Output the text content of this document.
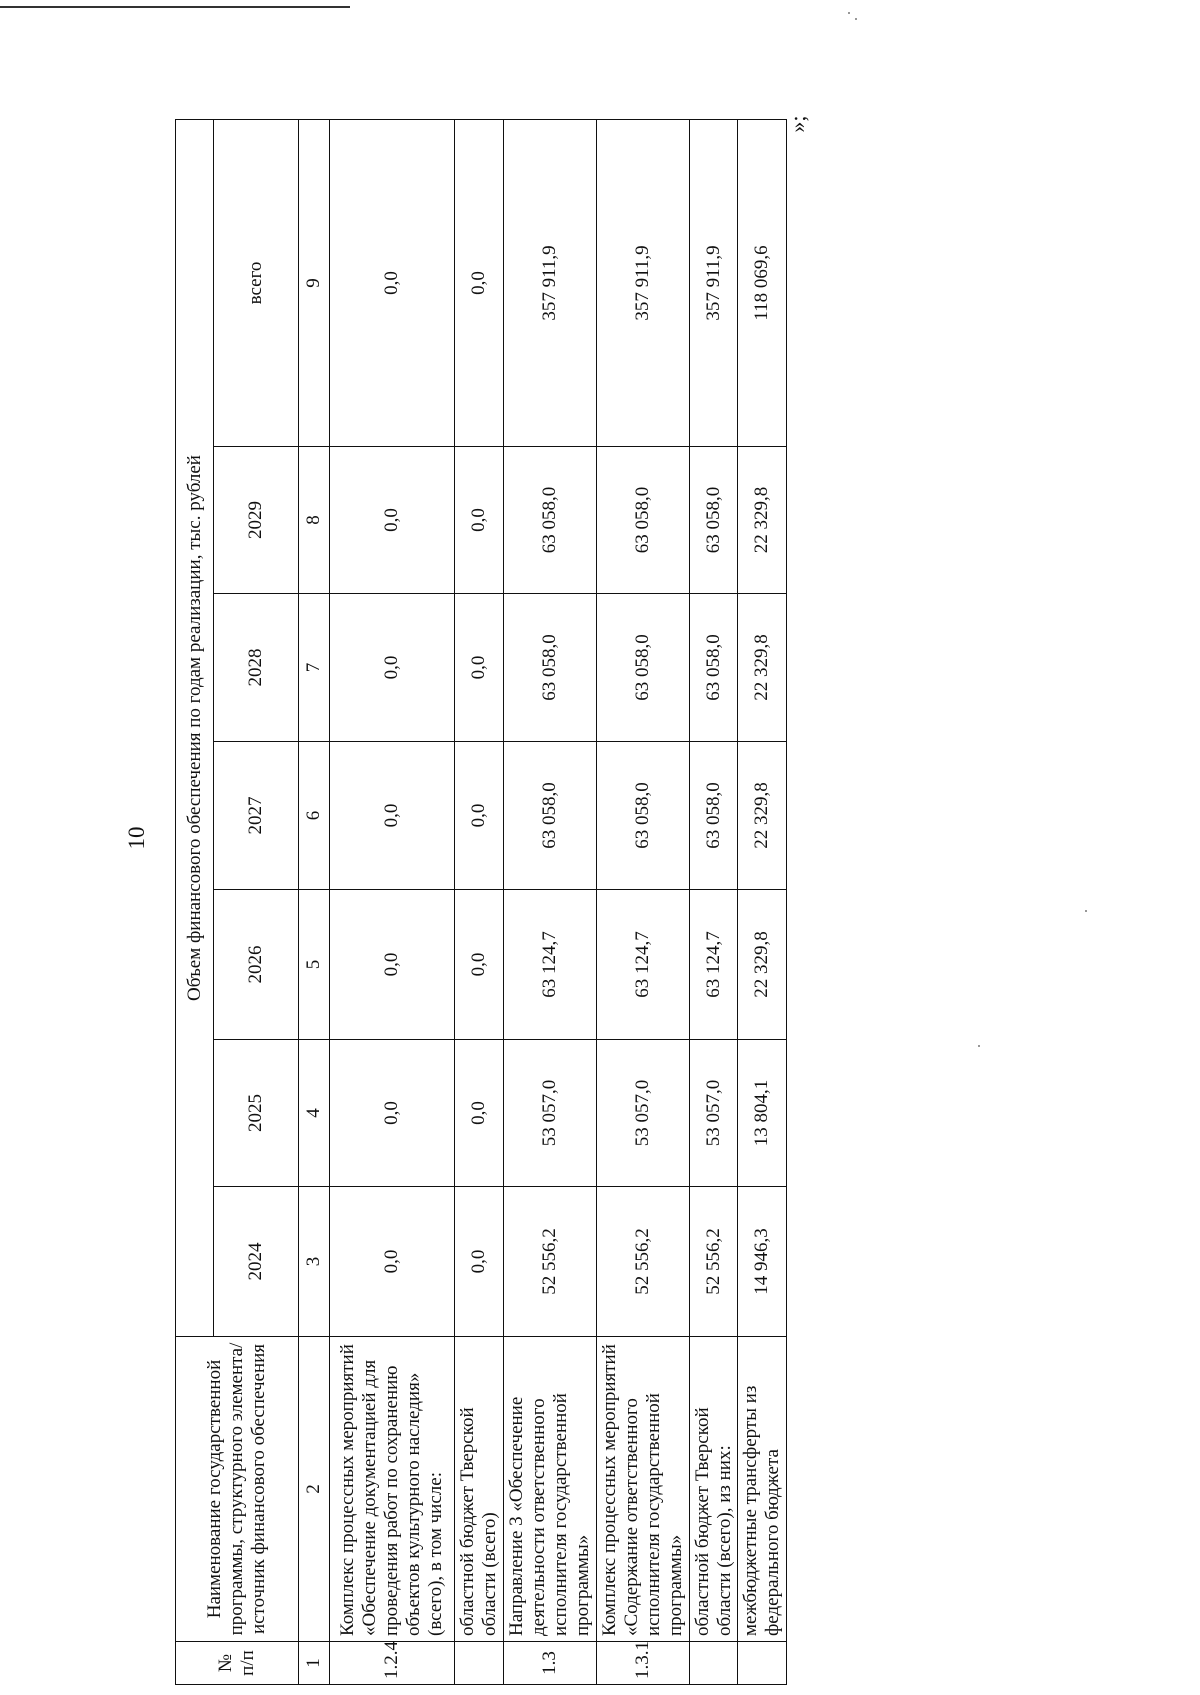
10
»;
№ п/п	Наименование государственной программы, структурного элемента/источник финансового обеспечения	Объем финансового обеспечения по годам реализации, тыс. рублей						
		2024	2025	2026	2027	2028	2029	всего
1	2	3	4	5	6	7	8	9
1.2.4	Комплекс процессных мероприятий «Обеспечение документацией для проведения работ по сохранению объектов культурного наследия» (всего), в том числе:	0,0	0,0	0,0	0,0	0,0	0,0	0,0
	областной бюджет Тверской области (всего)	0,0	0,0	0,0	0,0	0,0	0,0	0,0
1.3	Направление 3 «Обеспечение деятельности ответственного исполнителя государственной программы»	52 556,2	53 057,0	63 124,7	63 058,0	63 058,0	63 058,0	357 911,9
1.3.1	Комплекс процессных мероприятий «Содержание ответственного исполнителя государственной программы»	52 556,2	53 057,0	63 124,7	63 058,0	63 058,0	63 058,0	357 911,9
	областной бюджет Тверской области (всего), из них:	52 556,2	53 057,0	63 124,7	63 058,0	63 058,0	63 058,0	357 911,9
	межбюджетные трансферты из федерального бюджета	14 946,3	13 804,1	22 329,8	22 329,8	22 329,8	22 329,8	118 069,6
